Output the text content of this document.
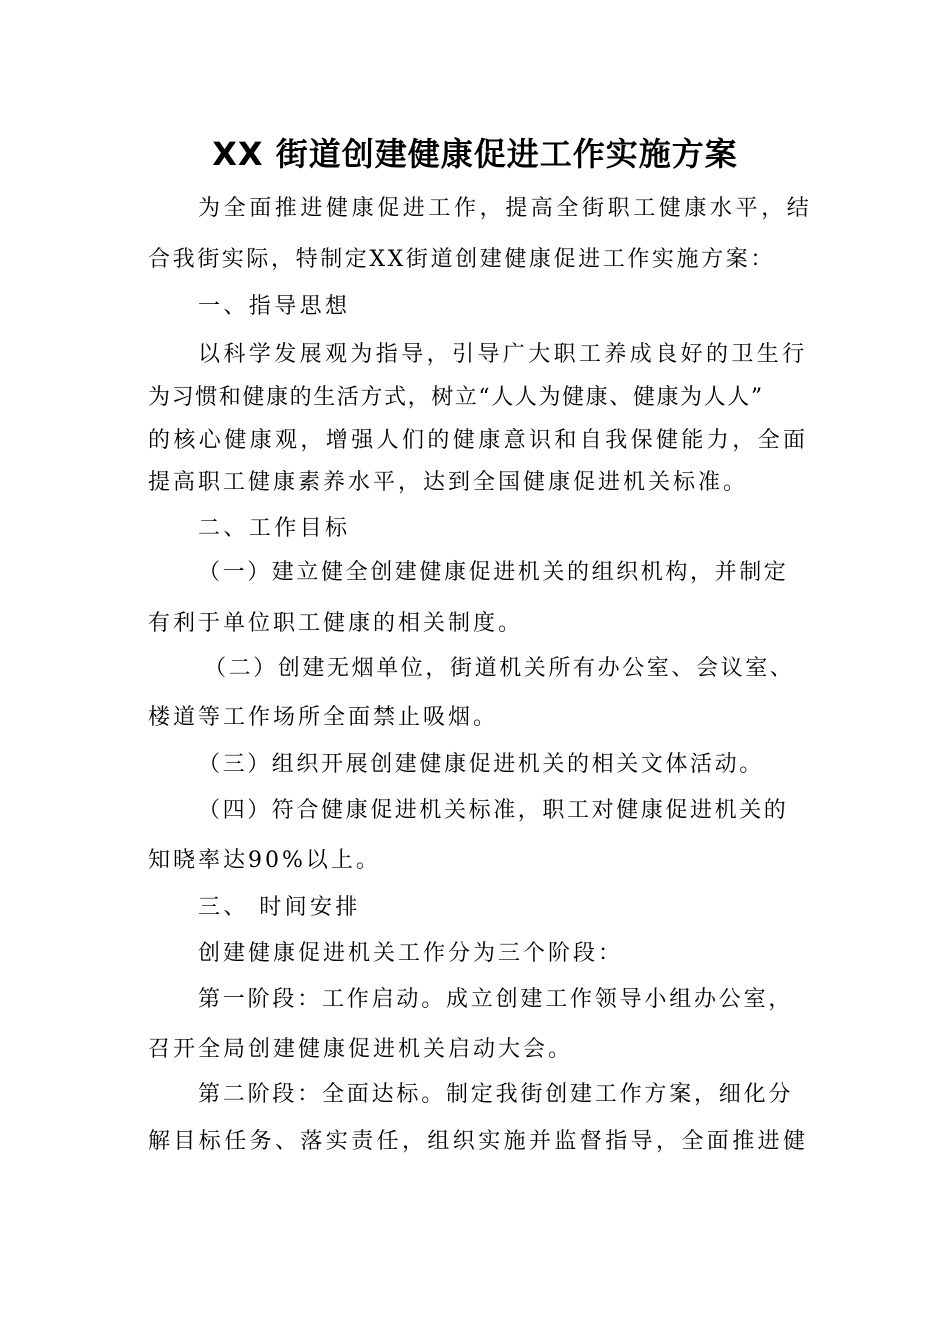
XX 街道创建健康促进工作实施方案
为全面推进健康促进工作，提高全街职工健康水平，结
合我街实际，特制定XX街道创建健康促进工作实施方案：
一、指导思想
以科学发展观为指导，引导广大职工养成良好的卫生行
为习惯和健康的生活方式，树立“人人为健康、健康为人人”
的核心健康观，增强人们的健康意识和自我保健能力，全面
提高职工健康素养水平，达到全国健康促进机关标准。
二、工作目标
（一）建立健全创建健康促进机关的组织机构，并制定
有利于单位职工健康的相关制度。
（二）创建无烟单位，街道机关所有办公室、会议室、
楼道等工作场所全面禁止吸烟。
（三）组织开展创建健康促进机关的相关文体活动。
（四）符合健康促进机关标准，职工对健康促进机关的
知晓率达90%以上。
三、 时间安排
创建健康促进机关工作分为三个阶段：
第一阶段：工作启动。成立创建工作领导小组办公室，
召开全局创建健康促进机关启动大会。
第二阶段：全面达标。制定我街创建工作方案，细化分
解目标任务、落实责任，组织实施并监督指导，全面推进健
